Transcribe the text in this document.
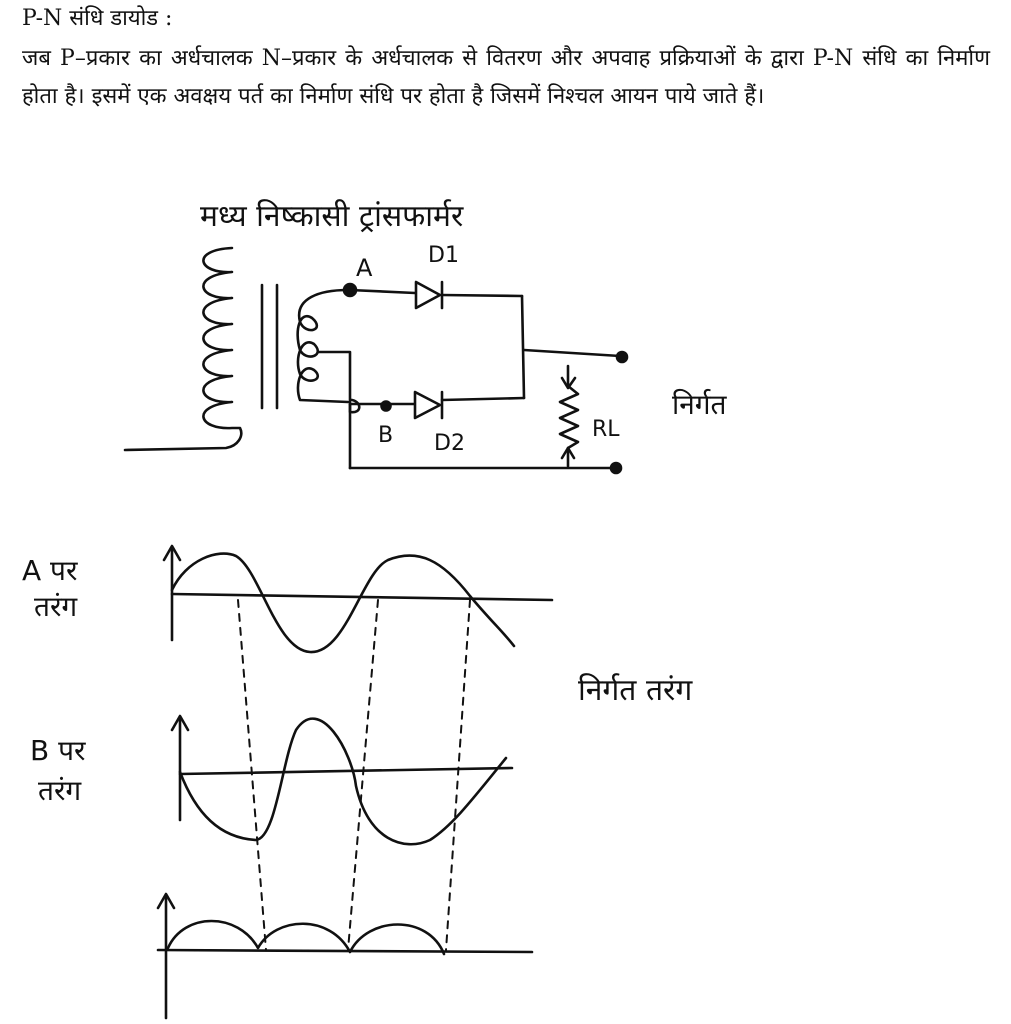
P-N संधि डायोड :
जब P–प्रकार का अर्धचालक N–प्रकार के अर्धचालक से वितरण और अपवाह प्रक्रियाओं के द्वारा P-N संधि का निर्माण होता है। इसमें एक अवक्षय पर्त का निर्माण संधि पर होता है जिसमें निश्चल आयन पाये जाते हैं।
मध्य निष्कासी ट्रांसफार्मर
A	D1
B D2
RL
निर्गत
A पर
तरंग
निर्गत तरंग
B पर
तरंग
